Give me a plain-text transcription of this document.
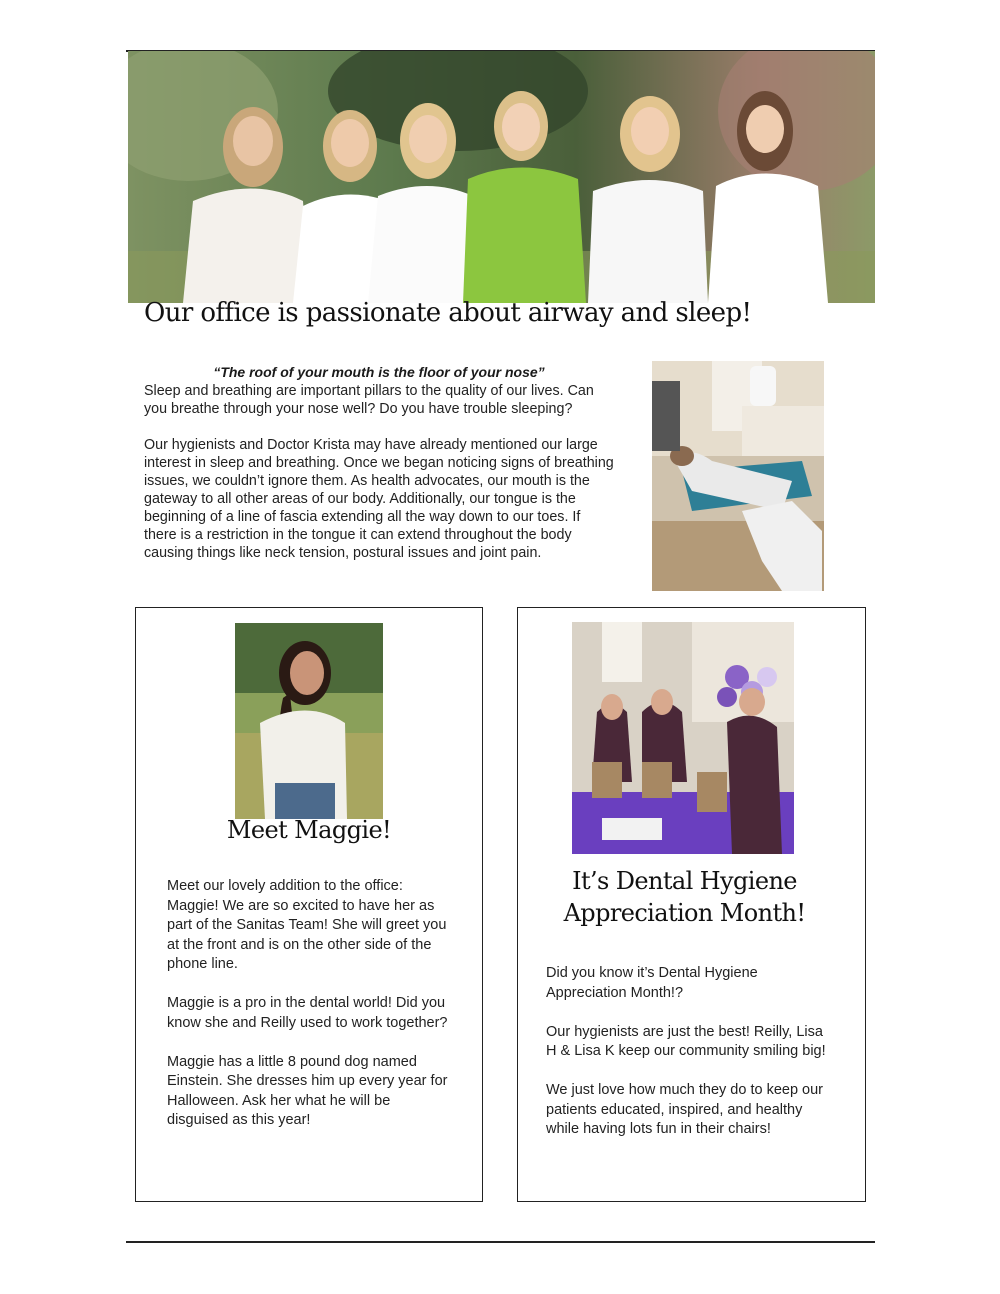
Our office is passionate about airway and sleep!
“The roof of your mouth is the floor of your nose”

Sleep and breathing are important pillars to the quality of our lives. Can you breathe through your nose well? Do you have trouble sleeping?

Our hygienists and Doctor Krista may have already mentioned our large interest in sleep and breathing. Once we began noticing signs of breathing issues, we couldn’t ignore them. As health advocates, our mouth is the gateway to all other areas of our body. Additionally, our tongue is the beginning of a line of fascia extending all the way down to our toes. If there is a restriction in the tongue it can extend throughout the body causing things like neck tension, postural issues and joint pain.

Meet Maggie!

Meet our lovely addition to the office: Maggie! We are so excited to have her as part of the Sanitas Team! She will greet you at the front and is on the other side of the phone line.

Maggie is a pro in the dental world! Did you know she and Reilly used to work together?

Maggie has a little 8 pound dog named Einstein. She dresses him up every year for Halloween. Ask her what he will be disguised as this year!

It’s Dental Hygiene
Appreciation Month!

Did you know it’s Dental Hygiene Appreciation Month!?

Our hygienists are just the best! Reilly, Lisa H & Lisa K keep our community smiling big!

We just love how much they do to keep our patients educated, inspired, and healthy while having lots fun in their chairs!
